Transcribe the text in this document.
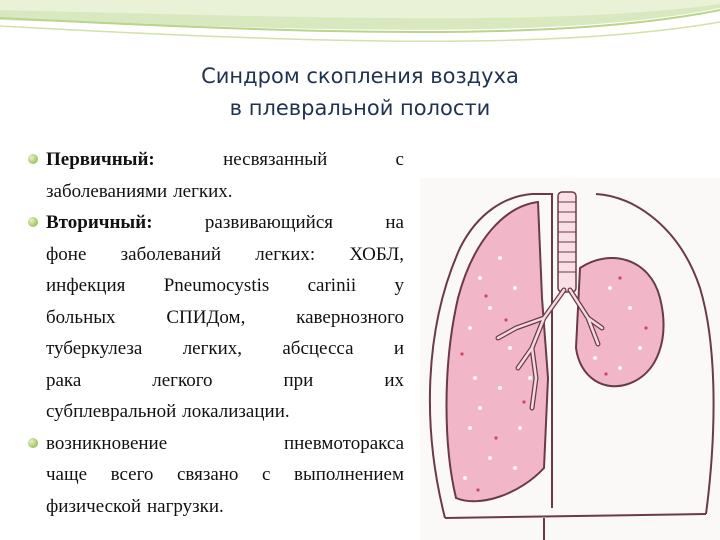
Синдром скопления воздуха
в плевральной полости
Первичный:	несвязанный	с
заболеваниями легких.
Вторичный:	развивающийся	на
фоне заболеваний легких: ХОБЛ,
инфекция Pneumocystis carinii у
больных	СПИДом,	кавернозного
туберкулеза легких, абсцесса и
рака	легкого	при	их
субплевральной локализации.
возникновение	пневмоторакса
чаще всего связано с выполнением
физической нагрузки.
